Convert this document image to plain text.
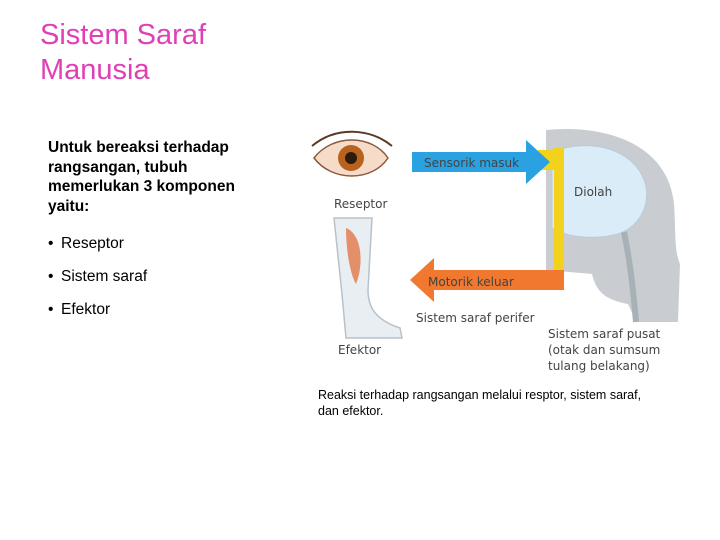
Sistem Saraf
Manusia
Untuk bereaksi terhadap rangsangan, tubuh memerlukan 3 komponen yaitu:
• Reseptor
• Sistem saraf
• Efektor
Reseptor
Sensorik masuk
Diolah
Motorik keluar
Sistem saraf perifer
Sistem saraf pusat
(otak dan sumsum
tulang belakang)
Efektor
Reaksi terhadap rangsangan melalui resptor, sistem saraf, dan efektor.
